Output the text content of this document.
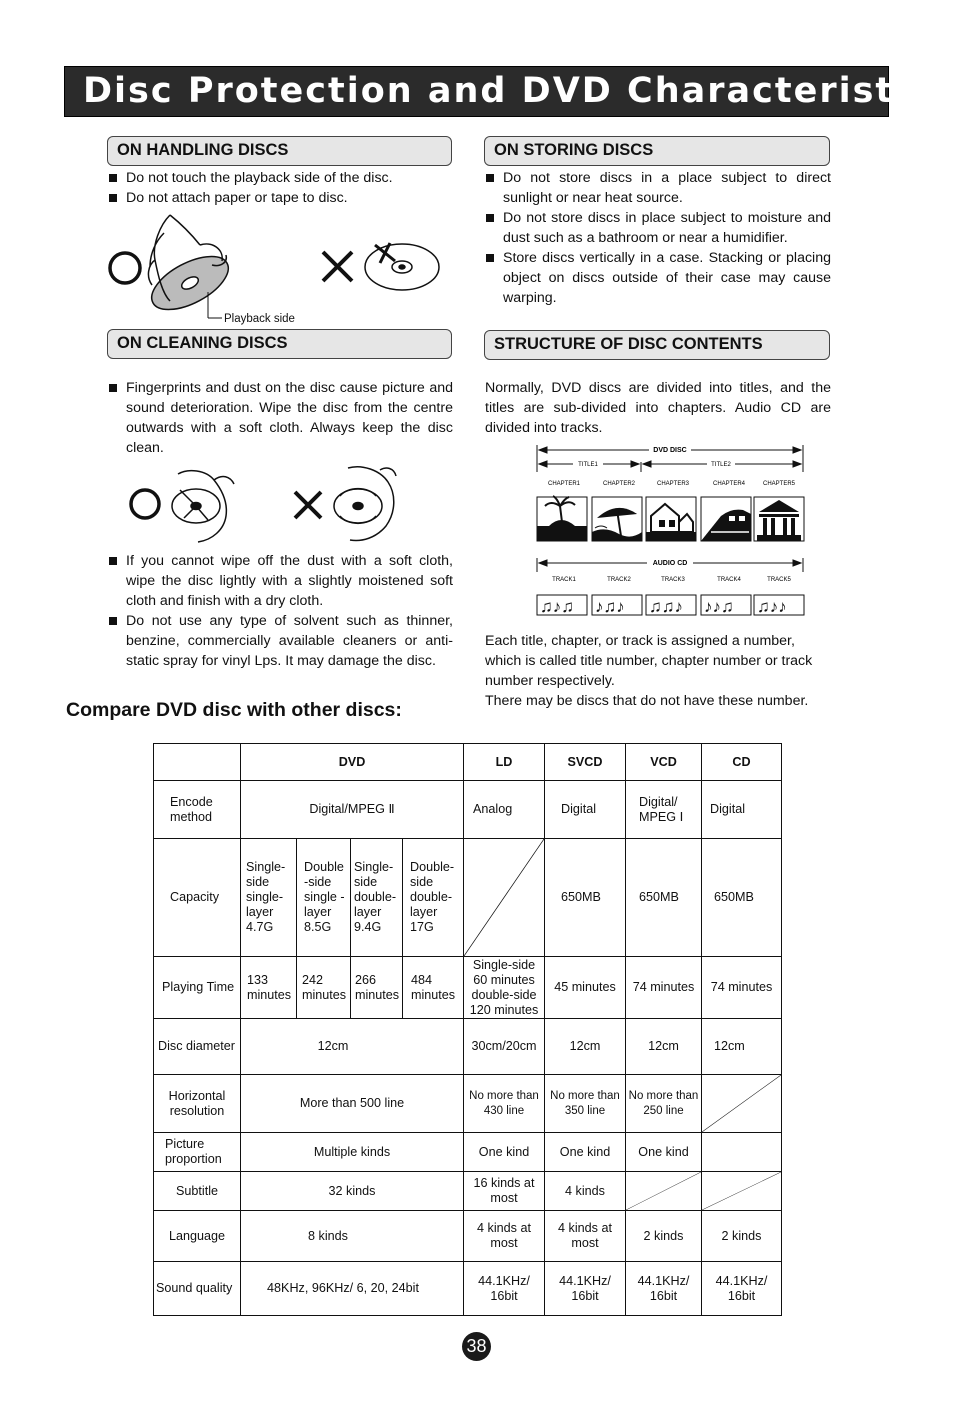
Disc Protection and DVD Characteristics
ON HANDLING DISCS
Do not touch the playback side of the disc.
Do not attach paper or tape to disc.
Playback side
ON STORING DISCS
Do not store discs in a place subject to direct sunlight or near heat source.
Do not store discs in place subject to moisture and dust such as a bathroom or near a humidifier.
Store discs vertically in a case. Stacking or placing object on discs outside of their case may cause warping.
ON CLEANING DISCS
Fingerprints and dust on the disc cause picture and sound deterioration. Wipe the disc from the centre outwards with a soft cloth. Always keep the disc clean.
If you cannot wipe off the dust with a soft cloth, wipe the disc lightly with a slightly moistened soft cloth and finish with a dry cloth.
Do not use any type of solvent such as thinner, benzine, commercially available cleaners or anti-static spray for vinyl Lps. It may damage the disc.
STRUCTURE OF DISC CONTENTS

Normally, DVD discs are divided into titles, and the titles are sub-divided into chapters. Audio CD are divided into tracks.

DVD DISC
TITLE1	TITLE2
CHAPTER1	CHAPTER2	CHAPTER3	CHAPTER4	CHAPTER5
AUDIO CD
TRACK1	TRACK2	TRACK3	TRACK4	TRACK5
♫♪♫ ♪♫♪ ♫♫♪ ♪♪♫ ♫♪♪

Each title, chapter, or track is assigned a number, which is called title number, chapter number or track number respectively.

There may be discs that do not have these number.

Compare DVD disc with other discs:
	DVD				LD	SVCD	VCD	CD
Encode method	Digital/MPEG Ⅱ				Analog	Digital	Digital/ MPEG Ⅰ	Digital
Capacity	Single-side single-layer 4.7G	Double -side single -layer 8.5G	Single-side double-layer 9.4G	Double-side double-layer 17G		650MB	650MB	650MB
Playing Time	133 minutes	242 minutes	266 minutes	484 minutes	Single-side 60 minutes double-side 120 minutes	45 minutes	74 minutes	74 minutes
Disc diameter	12cm				30cm/20cm	12cm	12cm	12cm
Horizontal resolution	More than 500 line				No more than 430 line	No more than 350 line	No more than 250 line	

Picture proportion	Multiple kinds				One kind	One kind	One kind	
Subtitle	32 kinds				16 kinds at most	4 kinds	

Language	8 kinds				4 kinds at most	4 kinds at most	2 kinds	2 kinds
Sound quality	48KHz, 96KHz/ 6, 20, 24bit				44.1KHz/ 16bit	44.1KHz/ 16bit	44.1KHz/ 16bit	44.1KHz/ 16bit
38
